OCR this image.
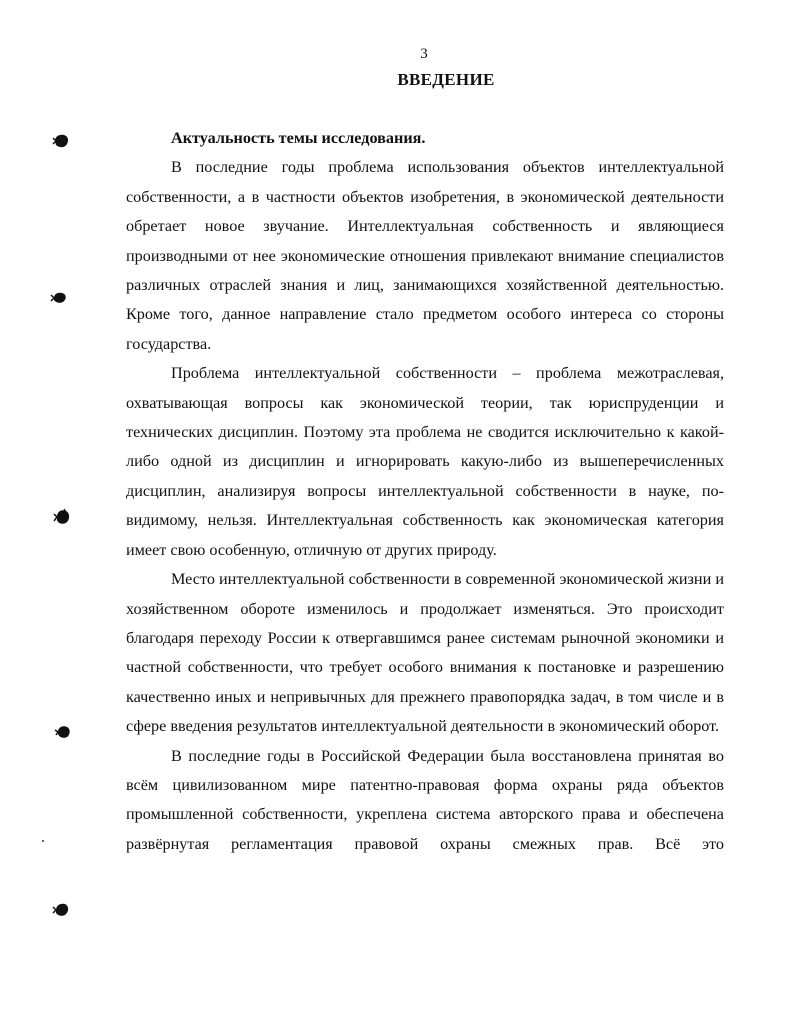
3
ВВЕДЕНИЕ

Актуальность темы исследования.

В последние годы проблема использования объектов интеллектуальной собственности, а в частности объектов изобретения, в экономической деятельности обретает новое звучание. Интеллектуальная собственность и являющиеся производными от нее экономические отношения привлекают внимание специалистов различных отраслей знания и лиц, занимающихся хозяйственной деятельностью. Кроме того, данное направление стало предметом особого интереса со стороны государства.

Проблема интеллектуальной собственности – проблема межотраслевая, охватывающая вопросы как экономической теории, так юриспруденции и технических дисциплин. Поэтому эта проблема не сводится исключительно к какой-либо одной из дисциплин и игнорировать какую-либо из вышеперечисленных дисциплин, анализируя вопросы интеллектуальной собственности в науке, по-видимому, нельзя. Интеллектуальная собственность как экономическая категория имеет свою особенную, отличную от других природу.

Место интеллектуальной собственности в современной экономической жизни и хозяйственном обороте изменилось и продолжает изменяться. Это происходит благодаря переходу России к отвергавшимся ранее системам рыночной экономики и частной собственности, что требует особого внимания к постановке и разрешению качественно иных и непривычных для прежнего правопорядка задач, в том числе и в сфере введения результатов интеллектуальной деятельности в экономический оборот.

В последние годы в Российской Федерации была восстановлена принятая во всём цивилизованном мире патентно-правовая форма охраны ряда объектов промышленной собственности, укреплена система авторского права и обеспечена развёрнутая регламентация правовой охраны смежных прав. Всё это
